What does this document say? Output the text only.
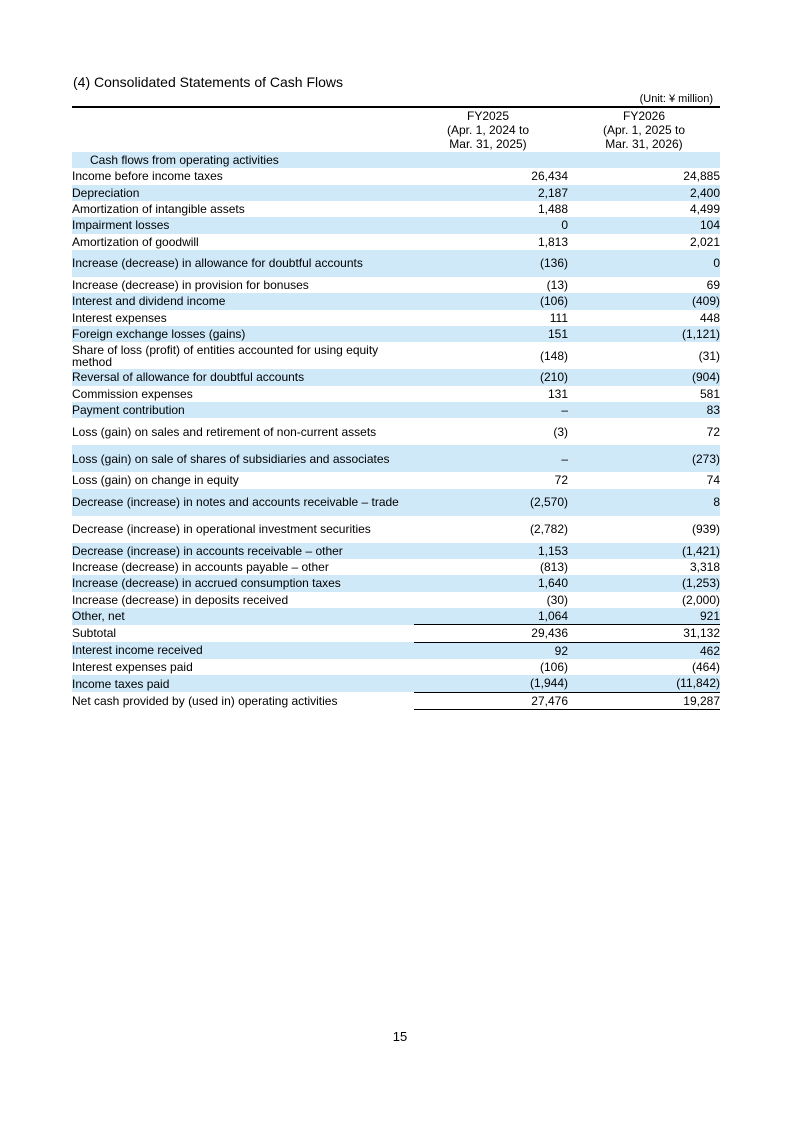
(4) Consolidated Statements of Cash Flows
(Unit: ¥ million)
FY2025
(Apr. 1, 2024 to
Mar. 31, 2025)
FY2026
(Apr. 1, 2025 to
Mar. 31, 2026)
Cash flows from operating activities		
Income before income taxes	26,434	24,885
Depreciation	2,187	2,400
Amortization of intangible assets	1,488	4,499
Impairment losses	0	104
Amortization of goodwill	1,813	2,021
Increase (decrease) in allowance for doubtful accounts	(136)	0
Increase (decrease) in provision for bonuses	(13)	69
Interest and dividend income	(106)	(409)
Interest expenses	111	448
Foreign exchange losses (gains)	151	(1,121)
Share of loss (profit) of entities accounted for using equity method	(148)	(31)
Reversal of allowance for doubtful accounts	(210)	(904)
Commission expenses	131	581
Payment contribution	–	83
Loss (gain) on sales and retirement of non-current assets	(3)	72
Loss (gain) on sale of shares of subsidiaries and associates	–	(273)
Loss (gain) on change in equity	72	74
Decrease (increase) in notes and accounts receivable – trade	(2,570)	8
Decrease (increase) in operational investment securities	(2,782)	(939)
Decrease (increase) in accounts receivable – other	1,153	(1,421)
Increase (decrease) in accounts payable – other	(813)	3,318
Increase (decrease) in accrued consumption taxes	1,640	(1,253)
Increase (decrease) in deposits received	(30)	(2,000)
Other, net	1,064	921
Subtotal	29,436	31,132
Interest income received	92	462
Interest expenses paid	(106)	(464)
Income taxes paid	(1,944)	(11,842)
Net cash provided by (used in) operating activities	27,476	19,287
15
